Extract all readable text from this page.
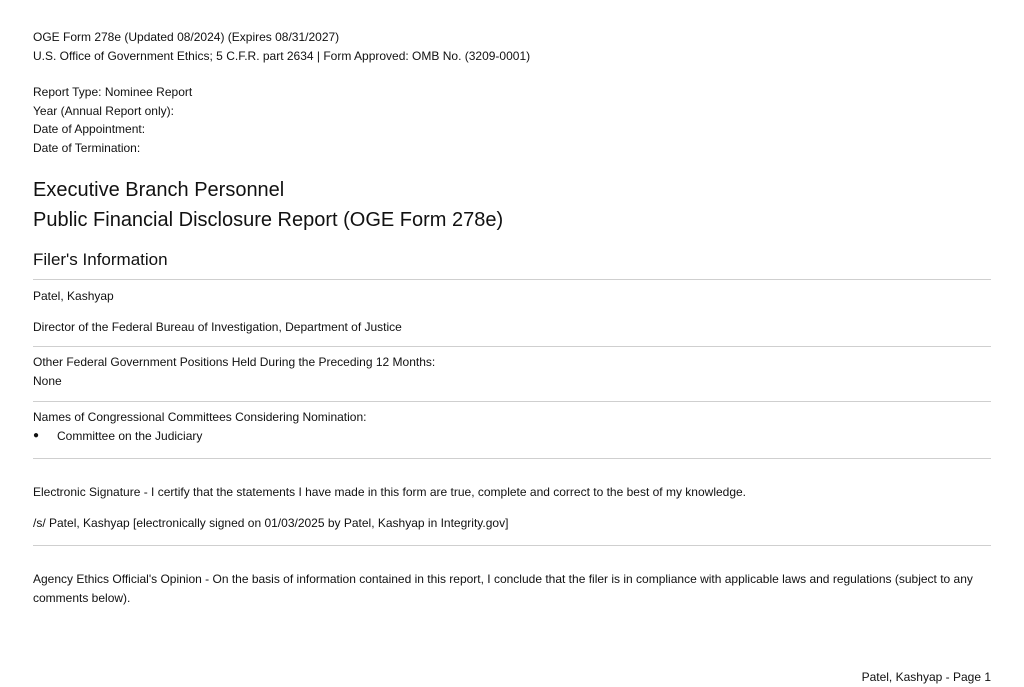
OGE Form 278e (Updated 08/2024) (Expires 08/31/2027)
U.S. Office of Government Ethics; 5 C.F.R. part 2634 | Form Approved: OMB No. (3209-0001)
Report Type: Nominee Report
Year (Annual Report only):
Date of Appointment:
Date of Termination:
Executive Branch Personnel
Public Financial Disclosure Report (OGE Form 278e)
Filer's Information
Patel, Kashyap
Director of the Federal Bureau of Investigation, Department of Justice
Other Federal Government Positions Held During the Preceding 12 Months:
None
Names of Congressional Committees Considering Nomination:
●	Committee on the Judiciary
Electronic Signature - I certify that the statements I have made in this form are true, complete and correct to the best of my knowledge.
/s/ Patel, Kashyap [electronically signed on 01/03/2025 by Patel, Kashyap in Integrity.gov]
Agency Ethics Official's Opinion - On the basis of information contained in this report, I conclude that the filer is in compliance with applicable laws and regulations (subject to any comments below).
Patel, Kashyap - Page 1
